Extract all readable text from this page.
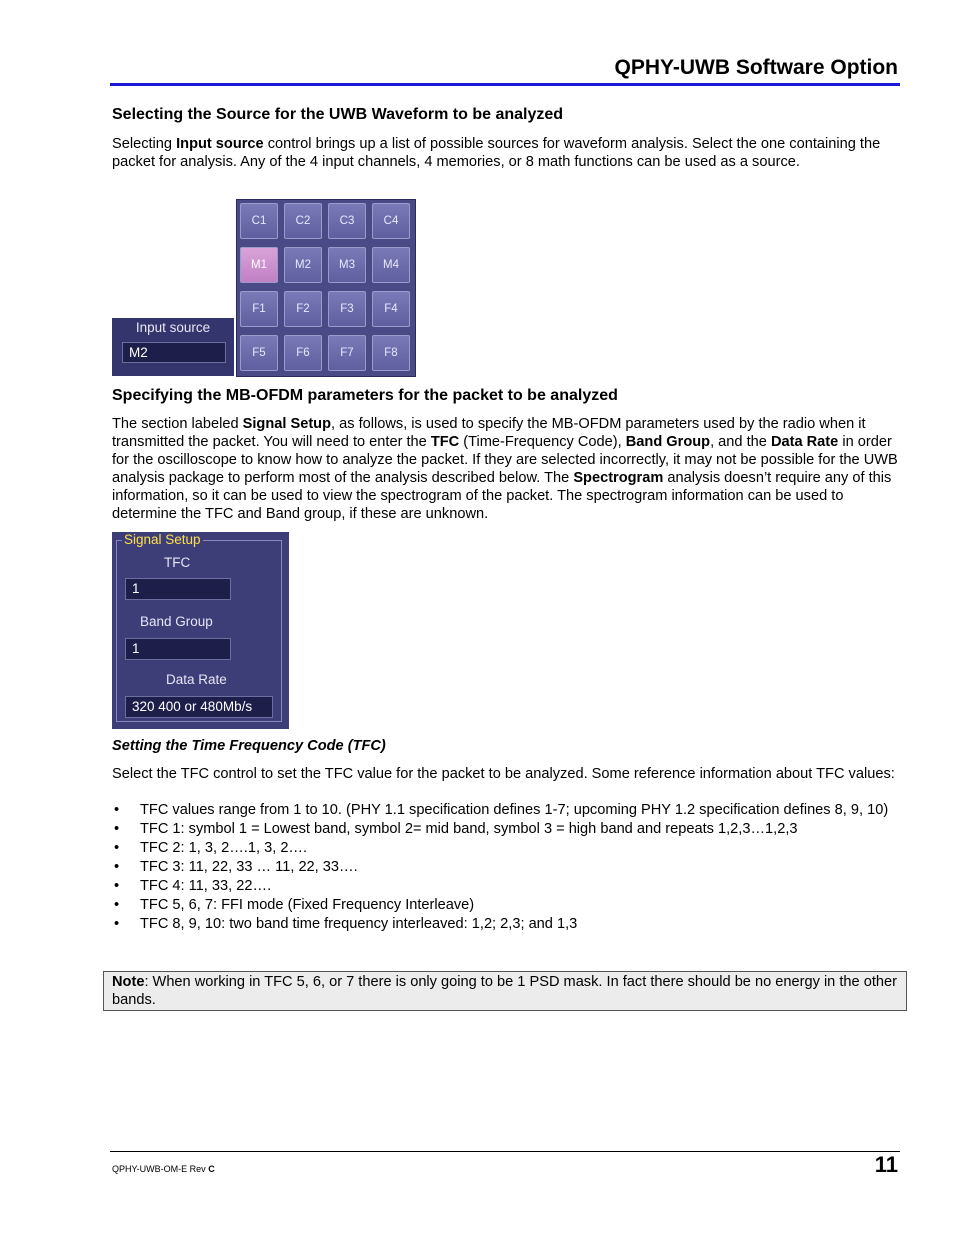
QPHY-UWB Software Option
Selecting the Source for the UWB Waveform to be analyzed
Selecting Input source control brings up a list of possible sources for waveform analysis. Select the one containing the packet for analysis. Any of the 4 input channels, 4 memories, or 8 math functions can be used as a source.
Input source
M2
C1	C2	C3	C4
M1	M2	M3	M4
F1	F2	F3	F4
F5	F6	F7	F8
Specifying the MB-OFDM parameters for the packet to be analyzed
The section labeled Signal Setup, as follows, is used to specify the MB-OFDM parameters used by the radio when it transmitted the packet. You will need to enter the TFC (Time-Frequency Code), Band Group, and the Data Rate in order for the oscilloscope to know how to analyze the packet. If they are selected incorrectly, it may not be possible for the UWB analysis package to perform most of the analysis described below. The Spectrogram analysis doesn’t require any of this information, so it can be used to view the spectrogram of the packet. The spectrogram information can be used to determine the TFC and Band group, if these are unknown.
Signal Setup
TFC
1
Band Group
1
Data Rate
320 400 or 480Mb/s
Setting the Time Frequency Code (TFC)
Select the TFC control to set the TFC value for the packet to be analyzed. Some reference information about TFC values:
• TFC values range from 1 to 10. (PHY 1.1 specification defines 1-7; upcoming PHY 1.2 specification defines 8, 9, 10)
• TFC 1: symbol 1 = Lowest band, symbol 2= mid band, symbol 3 = high band and repeats 1,2,3…1,2,3
• TFC 2: 1, 3, 2….1, 3, 2….
• TFC 3: 11, 22, 33 … 11, 22, 33….
• TFC 4: 11, 33, 22….
• TFC 5, 6, 7: FFI mode (Fixed Frequency Interleave)
• TFC 8, 9, 10: two band time frequency interleaved: 1,2; 2,3; and 1,3
Note: When working in TFC 5, 6, or 7 there is only going to be 1 PSD mask. In fact there should be no energy in the other bands.
QPHY-UWB-OM-E Rev C	11
